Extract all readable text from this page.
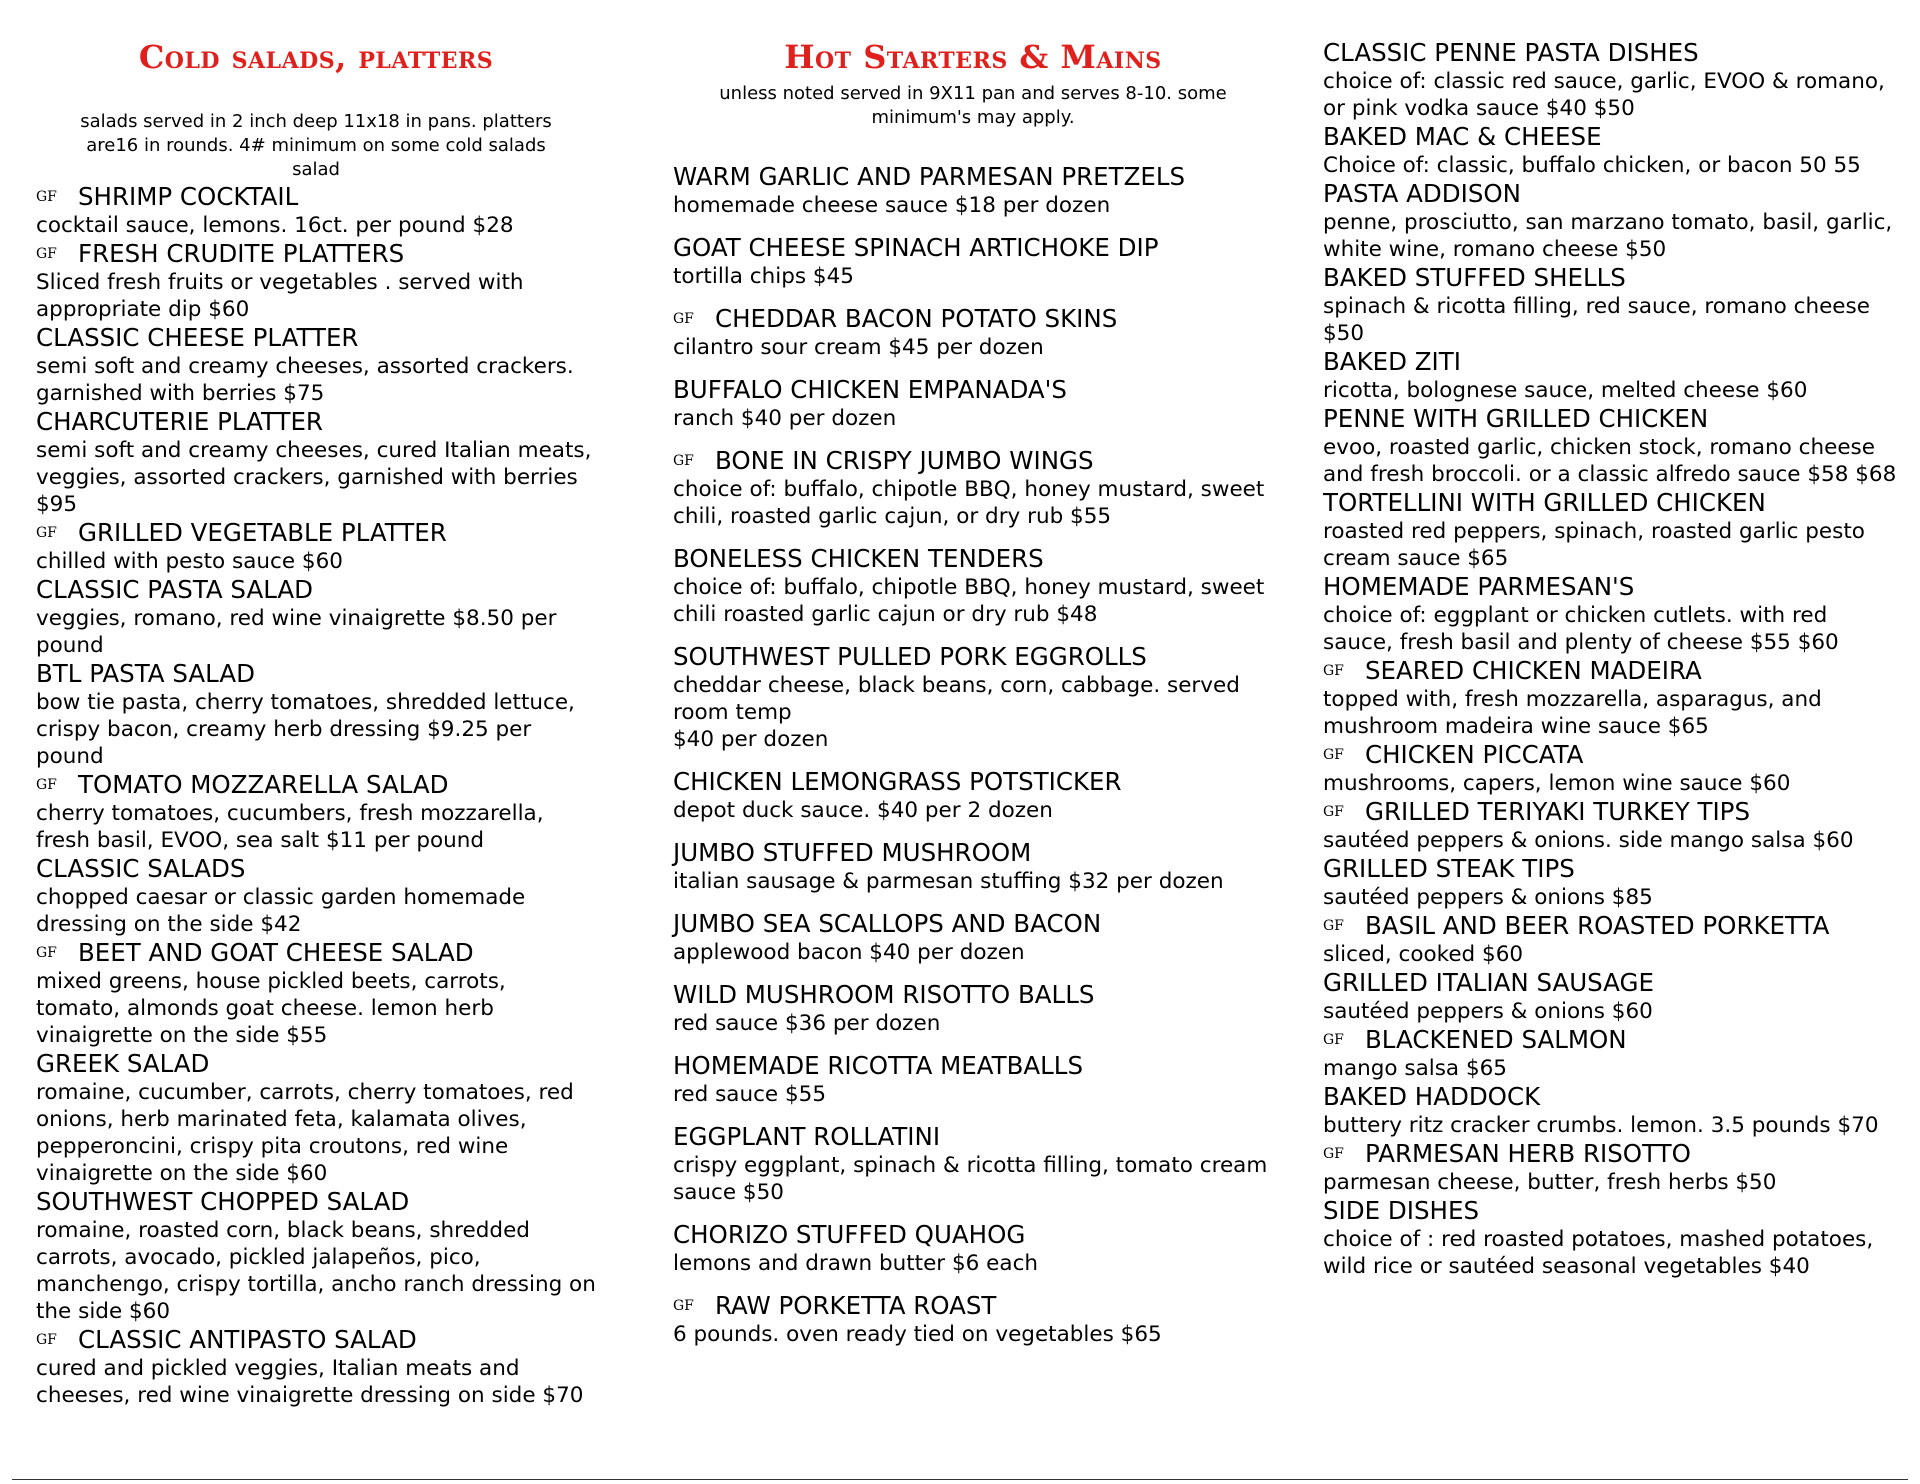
Cold salads, platters

salads served in 2 inch deep 11x18 in pans. platters are16 in rounds. 4# minimum on some cold salads salad

GF SHRIMP COCKTAIL
cocktail sauce, lemons. 16ct. per pound $28
GF FRESH CRUDITE PLATTERS
Sliced fresh fruits or vegetables . served with appropriate dip $60
CLASSIC CHEESE PLATTER
semi soft and creamy cheeses, assorted crackers. garnished with berries $75
CHARCUTERIE PLATTER
semi soft and creamy cheeses, cured Italian meats, veggies, assorted crackers, garnished with berries $95
GF GRILLED VEGETABLE PLATTER
chilled with pesto sauce $60
CLASSIC PASTA SALAD
veggies, romano, red wine vinaigrette $8.50 per pound
BTL PASTA SALAD
bow tie pasta, cherry tomatoes, shredded lettuce, crispy bacon, creamy herb dressing $9.25 per pound
GF TOMATO MOZZARELLA SALAD
cherry tomatoes, cucumbers, fresh mozzarella, fresh basil, EVOO, sea salt $11 per pound
CLASSIC SALADS
chopped caesar or classic garden homemade dressing on the side $42
GF BEET AND GOAT CHEESE SALAD
mixed greens, house pickled beets, carrots, tomato, almonds goat cheese. lemon herb vinaigrette on the side $55
GREEK SALAD
romaine, cucumber, carrots, cherry tomatoes, red onions, herb marinated feta, kalamata olives, pepperoncini, crispy pita croutons, red wine vinaigrette on the side $60
SOUTHWEST CHOPPED SALAD
romaine, roasted corn, black beans, shredded carrots, avocado, pickled jalapeños, pico, manchengo, crispy tortilla, ancho ranch dressing on the side $60
GF CLASSIC ANTIPASTO SALAD
cured and pickled veggies, Italian meats and cheeses, red wine vinaigrette dressing on side $70
Hot Starters & Mains

unless noted served in 9X11 pan and serves 8-10. some minimum's may apply.

WARM GARLIC AND PARMESAN PRETZELS
homemade cheese sauce $18 per dozen
GOAT CHEESE SPINACH ARTICHOKE DIP
tortilla chips $45
GF CHEDDAR BACON POTATO SKINS
cilantro sour cream $45 per dozen
BUFFALO CHICKEN EMPANADA'S
ranch $40 per dozen
GF BONE IN CRISPY JUMBO WINGS
choice of: buffalo, chipotle BBQ, honey mustard, sweet chili, roasted garlic cajun, or dry rub $55
BONELESS CHICKEN TENDERS
choice of: buffalo, chipotle BBQ, honey mustard, sweet chili roasted garlic cajun or dry rub $48
SOUTHWEST PULLED PORK EGGROLLS
cheddar cheese, black beans, corn, cabbage. served room temp
$40 per dozen
CHICKEN LEMONGRASS POTSTICKER
depot duck sauce. $40 per 2 dozen
JUMBO STUFFED MUSHROOM
italian sausage & parmesan stuffing $32 per dozen
JUMBO SEA SCALLOPS AND BACON
applewood bacon $40 per dozen
WILD MUSHROOM RISOTTO BALLS
red sauce $36 per dozen
HOMEMADE RICOTTA MEATBALLS
red sauce $55
EGGPLANT ROLLATINI
crispy eggplant, spinach & ricotta filling, tomato cream sauce $50
CHORIZO STUFFED QUAHOG
lemons and drawn butter $6 each
GF RAW PORKETTA ROAST
6 pounds. oven ready tied on vegetables $65
CLASSIC PENNE PASTA DISHES
choice of: classic red sauce, garlic, EVOO & romano, or pink vodka sauce $40 $50
BAKED MAC & CHEESE
Choice of: classic, buffalo chicken, or bacon 50 55
PASTA ADDISON
penne, prosciutto, san marzano tomato, basil, garlic, white wine, romano cheese $50
BAKED STUFFED SHELLS
spinach & ricotta filling, red sauce, romano cheese $50
BAKED ZITI
ricotta, bolognese sauce, melted cheese $60
PENNE WITH GRILLED CHICKEN
evoo, roasted garlic, chicken stock, romano cheese and fresh broccoli. or a classic alfredo sauce $58 $68
TORTELLINI WITH GRILLED CHICKEN
roasted red peppers, spinach, roasted garlic pesto cream sauce $65
HOMEMADE PARMESAN'S
choice of: eggplant or chicken cutlets. with red sauce, fresh basil and plenty of cheese $55 $60
GF SEARED CHICKEN MADEIRA
topped with, fresh mozzarella, asparagus, and mushroom madeira wine sauce $65
GF CHICKEN PICCATA
mushrooms, capers, lemon wine sauce $60
GF GRILLED TERIYAKI TURKEY TIPS
sautéed peppers & onions. side mango salsa $60
GRILLED STEAK TIPS
sautéed peppers & onions $85
GF BASIL AND BEER ROASTED PORKETTA
sliced, cooked $60
GRILLED ITALIAN SAUSAGE
sautéed peppers & onions $60
GF BLACKENED SALMON
mango salsa $65
BAKED HADDOCK
buttery ritz cracker crumbs. lemon. 3.5 pounds $70
GF PARMESAN HERB RISOTTO
parmesan cheese, butter, fresh herbs $50
SIDE DISHES
choice of : red roasted potatoes, mashed potatoes, wild rice or sautéed seasonal vegetables $40
